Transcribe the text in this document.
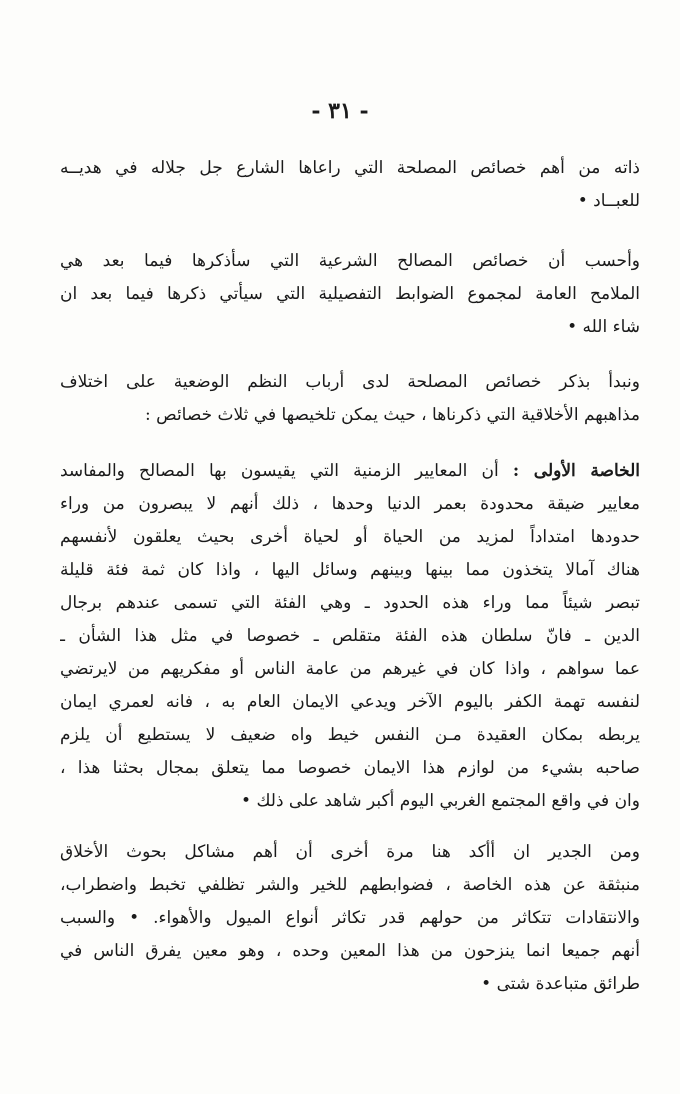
- ٣١ -
ذاته من أهم خصائص المصلحة التي راعاها الشارع جل جلاله في هديــه
للعبــاد •
وأحسب أن خصائص المصالح الشرعية التي سأذكرها فيما بعد هي
الملامح العامة لمجموع الضوابط التفصيلية التي سيأتي ذكرها فيما بعد ان
شاء الله •
ونبدأ بذكر خصائص المصلحة لدى أرباب النظم الوضعية على اختلاف
مذاهبهم الأخلاقية التي ذكرناها ، حيث يمكن تلخيصها في ثلاث خصائص :
الخاصة الأولى : أن المعايير الزمنية التي يقيسون بها المصالح والمفاسد
معايير ضيقة محدودة بعمر الدنيا وحدها ، ذلك أنهم لا يبصرون من وراء
حدودها امتداداً لمزيد من الحياة أو لحياة أخرى بحيث يعلقون لأنفسهم
هناك آمالا يتخذون مما بينها وبينهم وسائل اليها ، واذا كان ثمة فئة قليلة
تبصر شيئاً مما وراء هذه الحدود ـ وهي الفئة التي تسمى عندهم برجال
الدين ـ فانّ سلطان هذه الفئة متقلص ـ خصوصا في مثل هذا الشأن ـ
عما سواهم ، واذا كان في غيرهم من عامة الناس أو مفكريهم من لايرتضي
لنفسه تهمة الكفر باليوم الآخر ويدعي الايمان العام به ، فانه لعمري ايمان
يربطه بمكان العقيدة مـن النفس خيط واه ضعيف لا يستطيع أن يلزم
صاحبه بشيء من لوازم هذا الايمان خصوصا مما يتعلق بمجال بحثنا هذا ،
وان في واقع المجتمع الغربي اليوم أكبر شاهد على ذلك •
ومن الجدير ان أأكد هنا مرة أخرى أن أهم مشاكل بحوث الأخلاق
منبثقة عن هذه الخاصة ، فضوابطهم للخير والشر تظلفي تخبط واضطراب،
والانتقادات تتكاثر من حولهم قدر تكاثر أنواع الميول والأهواء. • والسبب
أنهم جميعا انما ينزحون من هذا المعين وحده ، وهو معين يفرق الناس في
طرائق متباعدة شتى •
